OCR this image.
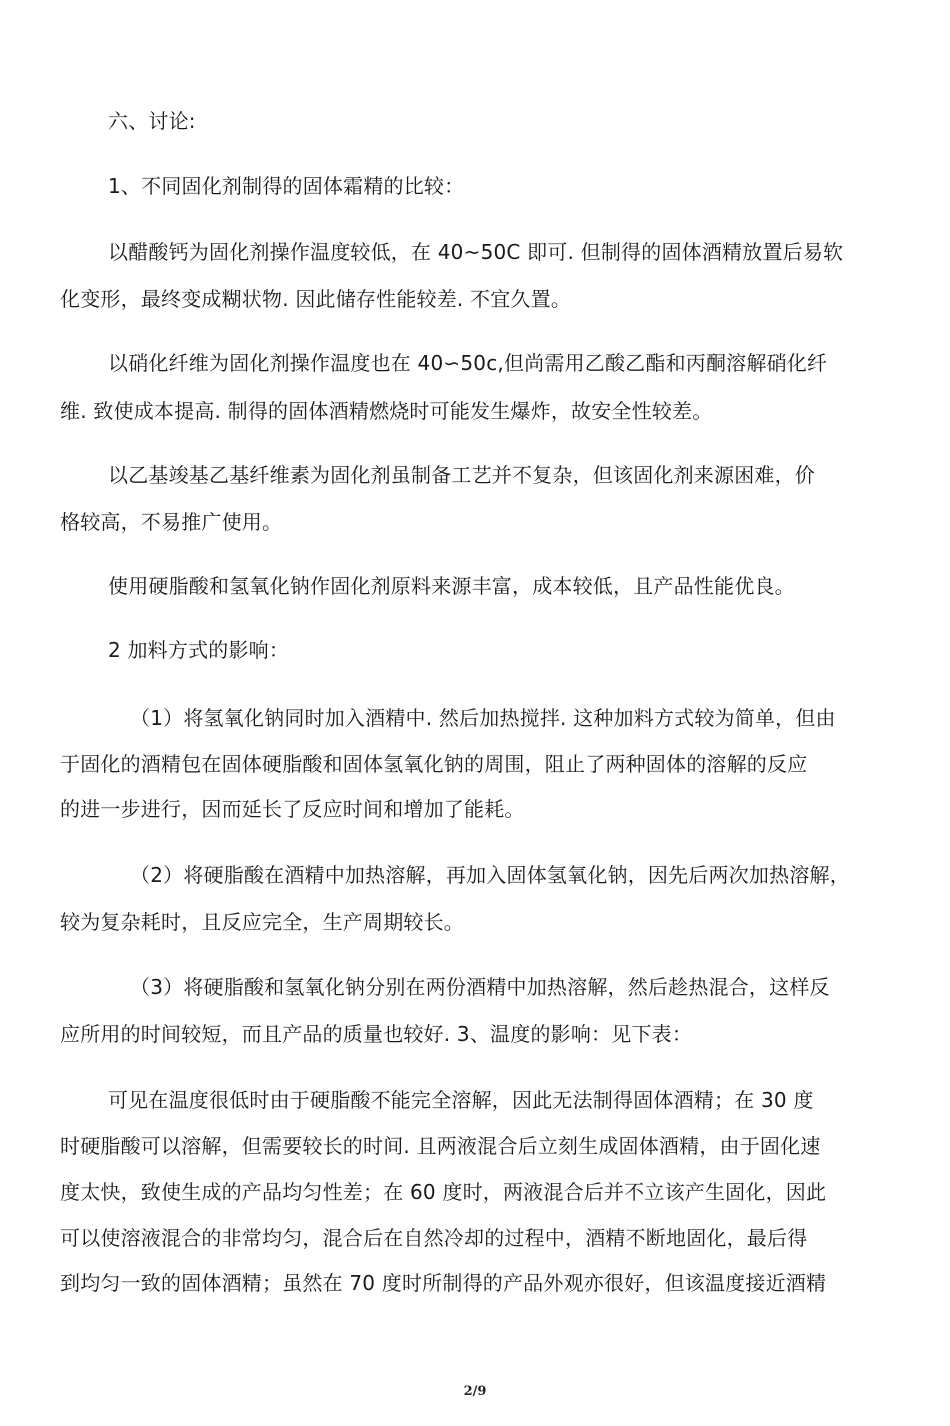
六、讨论:
1、不同固化剂制得的固体霜精的比较：
以醋酸钙为固化剂操作温度较低，在 40~50C 即可. 但制得的固体酒精放置后易软
化变形，最终变成糊状物. 因此储存性能较差. 不宜久置。
以硝化纤维为固化剂操作温度也在 40∽50c,但尚需用乙酸乙酯和丙酮溶解硝化纤
维. 致使成本提高. 制得的固体酒精燃烧时可能发生爆炸，故安全性较差。
以乙基竣基乙基纤维素为固化剂虽制备工艺并不复杂，但该固化剂来源困难，价
格较高，不易推广使用。
使用硬脂酸和氢氧化钠作固化剂原料来源丰富，成本较低，且产品性能优良。
2 加料方式的影响：
（1）将氢氧化钠同时加入酒精中. 然后加热搅拌. 这种加料方式较为简单，但由
于固化的酒精包在固体硬脂酸和固体氢氧化钠的周围，阻止了两种固体的溶解的反应
的进一步进行，因而延长了反应时间和增加了能耗。
（2）将硬脂酸在酒精中加热溶解，再加入固体氢氧化钠，因先后两次加热溶解，
较为复杂耗时，且反应完全，生产周期较长。
（3）将硬脂酸和氢氧化钠分别在两份酒精中加热溶解，然后趁热混合，这样反
应所用的时间较短，而且产品的质量也较好. 3、温度的影响：见下表：
可见在温度很低时由于硬脂酸不能完全溶解，因此无法制得固体酒精；在 30 度
时硬脂酸可以溶解，但需要较长的时间. 且两液混合后立刻生成固体酒精，由于固化速
度太快，致使生成的产品均匀性差；在 60 度时，两液混合后并不立该产生固化，因此
可以使溶液混合的非常均匀，混合后在自然冷却的过程中，酒精不断地固化，最后得
到均匀一致的固体酒精；虽然在 70 度时所制得的产品外观亦很好，但该温度接近酒精
2/9
